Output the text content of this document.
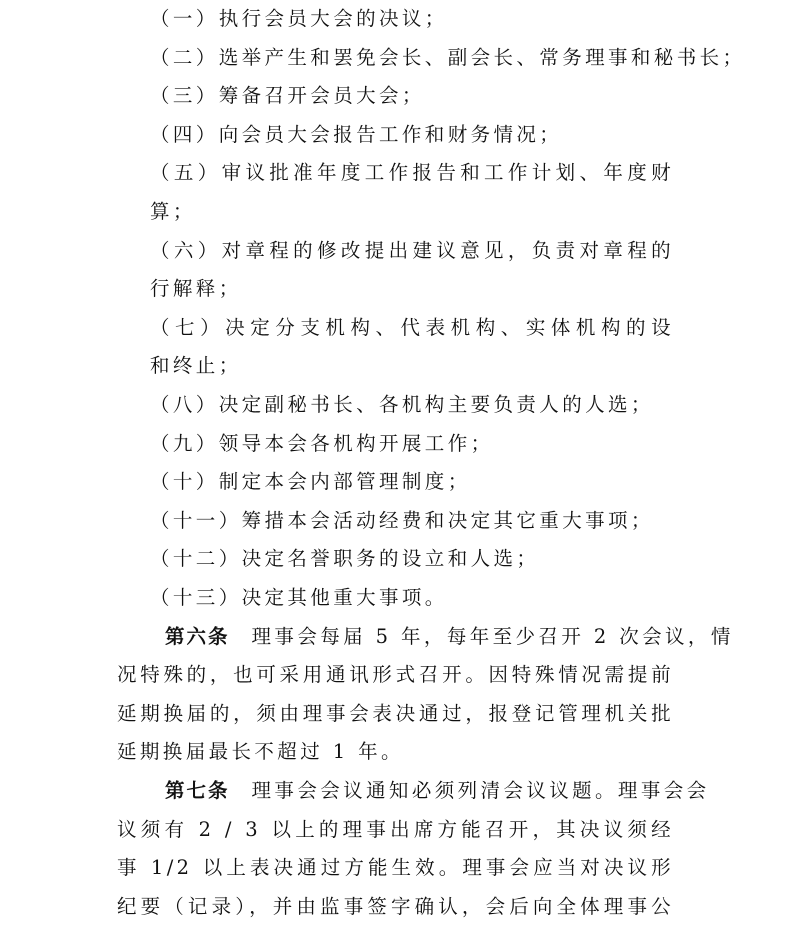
（一）执行会员大会的决议；
（二）选举产生和罢免会长、副会长、常务理事和秘书长；
（三）筹备召开会员大会；
（四）向会员大会报告工作和财务情况；
（五）审议批准年度工作报告和工作计划、年度财
算；
（六）对章程的修改提出建议意见，负责对章程的
行解释；
（七）决定分支机构、代表机构、实体机构的设
和终止；
（八）决定副秘书长、各机构主要负责人的人选；
（九）领导本会各机构开展工作；
（十）制定本会内部管理制度；
（十一）筹措本会活动经费和决定其它重大事项；
（十二）决定名誉职务的设立和人选；
（十三）决定其他重大事项。
第六条 理事会每届 5 年，每年至少召开 2 次会议，情
况特殊的，也可采用通讯形式召开。因特殊情况需提前
延期换届的，须由理事会表决通过，报登记管理机关批
延期换届最长不超过 1 年。
第七条 理事会会议通知必须列清会议议题。理事会会
议须有 2 / 3 以上的理事出席方能召开，其决议须经
事 1/2 以上表决通过方能生效。理事会应当对决议形
纪要（记录），并由监事签字确认，会后向全体理事公
